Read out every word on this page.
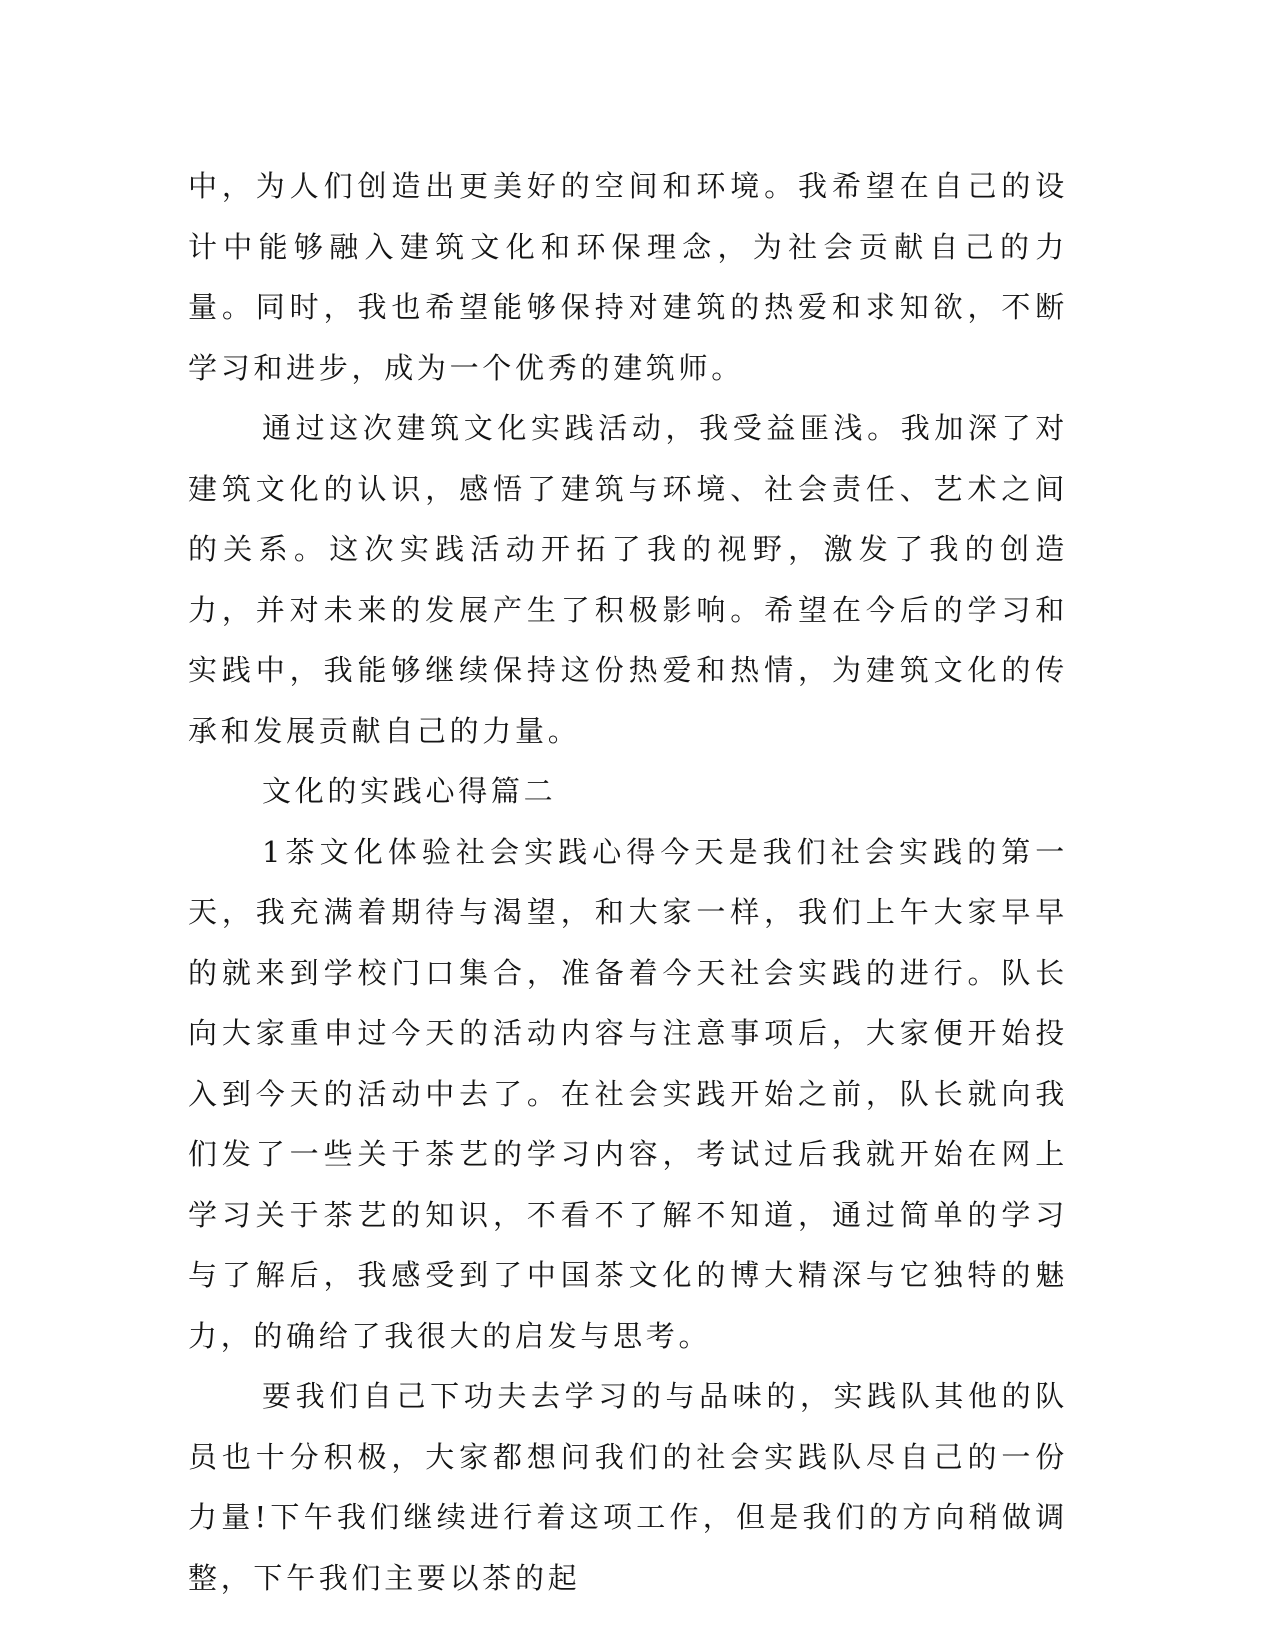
中，为人们创造出更美好的空间和环境。我希望在自己的设计中能够融入建筑文化和环保理念，为社会贡献自己的力量。同时，我也希望能够保持对建筑的热爱和求知欲，不断学习和进步，成为一个优秀的建筑师。

通过这次建筑文化实践活动，我受益匪浅。我加深了对建筑文化的认识，感悟了建筑与环境、社会责任、艺术之间的关系。这次实践活动开拓了我的视野，激发了我的创造力，并对未来的发展产生了积极影响。希望在今后的学习和实践中，我能够继续保持这份热爱和热情，为建筑文化的传承和发展贡献自己的力量。

文化的实践心得篇二

1茶文化体验社会实践心得今天是我们社会实践的第一天，我充满着期待与渴望，和大家一样，我们上午大家早早的就来到学校门口集合，准备着今天社会实践的进行。队长向大家重申过今天的活动内容与注意事项后，大家便开始投入到今天的活动中去了。在社会实践开始之前，队长就向我们发了一些关于茶艺的学习内容，考试过后我就开始在网上学习关于茶艺的知识，不看不了解不知道，通过简单的学习与了解后，我感受到了中国茶文化的博大精深与它独特的魅力，的确给了我很大的启发与思考。

要我们自己下功夫去学习的与品味的，实践队其他的队员也十分积极，大家都想问我们的社会实践队尽自己的一份力量!下午我们继续进行着这项工作，但是我们的方向稍做调整，下午我们主要以茶的起
